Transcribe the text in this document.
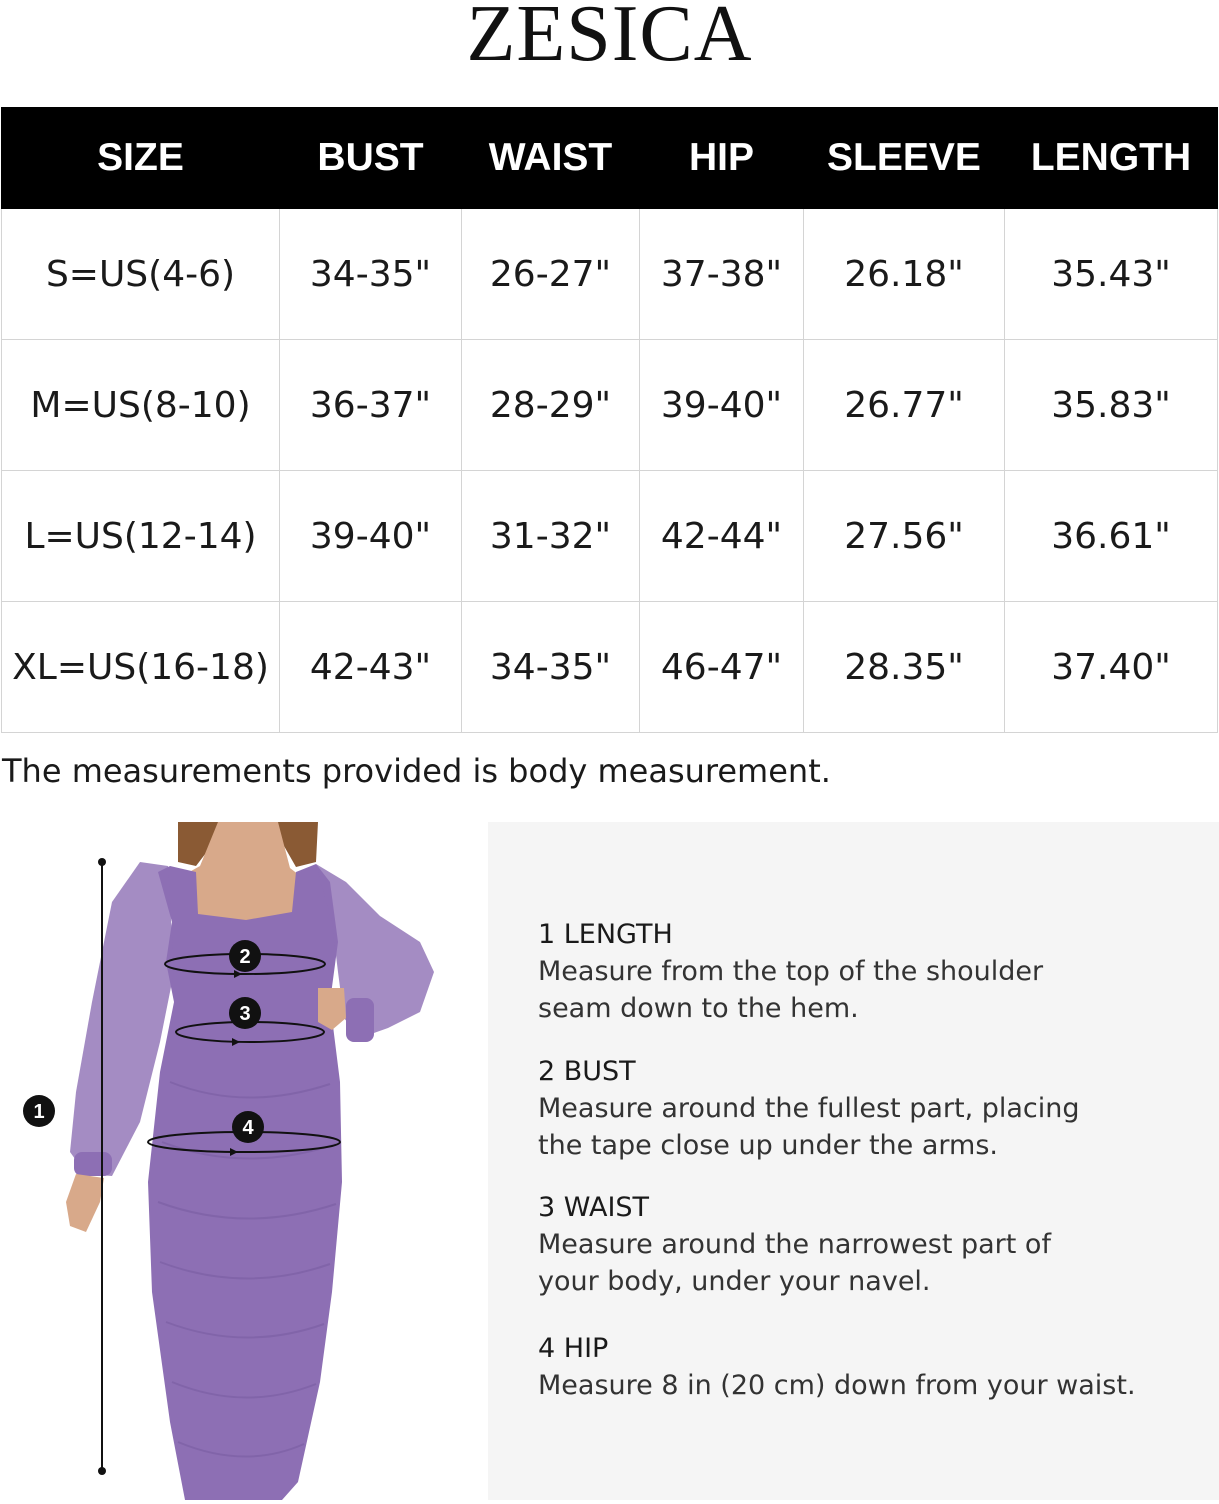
ZESICA
SIZE	BUST	WAIST	HIP	SLEEVE	LENGTH
S=US(4-6)	34-35"	26-27"	37-38"	26.18"	35.43"
M=US(8-10)	36-37"	28-29"	39-40"	26.77"	35.83"
L=US(12-14)	39-40"	31-32"	42-44"	27.56"	36.61"
XL=US(16-18)	42-43"	34-35"	46-47"	28.35"	37.40"
The measurements provided is body measurement.
1
2
3
4
1 LENGTH
Measure from the top of the shoulder
seam down to the hem.
2 BUST
Measure around the fullest part, placing
the tape close up under the arms.
3 WAIST
Measure around the narrowest part of
your body, under your navel.
4 HIP
Measure 8 in (20 cm) down from your waist.
